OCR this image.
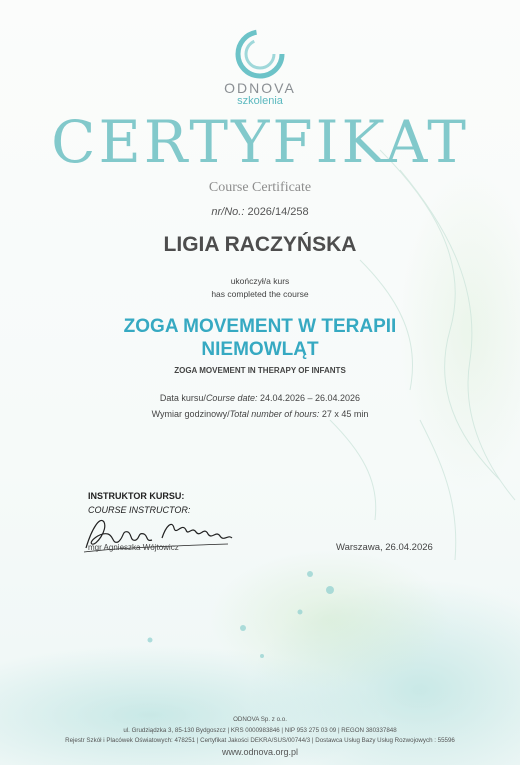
ODNOVA
szkolenia
CERTYFIKAT
Course Certificate
nr/No.: 2026/14/258
LIGIA RACZYŃSKA
ukończył/a kurs
has completed the course
ZOGA MOVEMENT W TERAPII
NIEMOWLĄT
ZOGA MOVEMENT IN THERAPY OF INFANTS
Data kursu/Course date: 24.04.2026 – 26.04.2026
Wymiar godzinowy/Total number of hours: 27 x 45 min
INSTRUKTOR KURSU:
COURSE INSTRUCTOR:
mgr Agnieszka Wójtowicz	Warszawa, 26.04.2026
ODNOVA Sp. z o.o.
ul. Grudziądzka 3, 85-130 Bydgoszcz | KRS 0000983846 | NIP 953 275 03 09 | REGON 380337848
Rejestr Szkół i Placówek Oświatowych: 478251 | Certyfikat Jakości DEKRA/SUS/00744/3 | Dostawca Usług Bazy Usług Rozwojowych : 55596
www.odnova.org.pl
